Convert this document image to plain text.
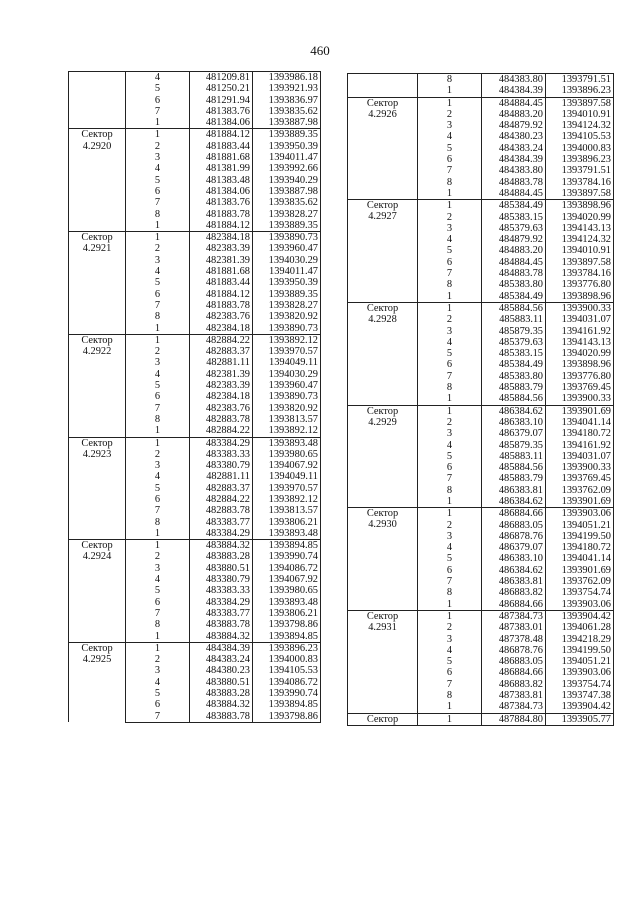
460
	4	481209.81	1393986.18
	5	481250.21	1393921.93
	6	481291.94	1393836.97
	7	481383.76	1393835.62
	1	481384.06	1393887.98

Сектор
4.2920	1	481884.12	1393889.35
	2	481883.44	1393950.39
	3	481881.68	1394011.47
	4	481381.99	1393992.66
	5	481383.48	1393940.29
	6	481384.06	1393887.98
	7	481383.76	1393835.62
	8	481883.78	1393828.27
	1	481884.12	1393889.35

Сектор
4.2921	1	482384.18	1393890.73
	2	482383.39	1393960.47
	3	482381.39	1394030.29
	4	481881.68	1394011.47
	5	481883.44	1393950.39
	6	481884.12	1393889.35
	7	481883.78	1393828.27
	8	482383.76	1393820.92
	1	482384.18	1393890.73

Сектор
4.2922	1	482884.22	1393892.12
	2	482883.37	1393970.57
	3	482881.11	1394049.11
	4	482381.39	1394030.29
	5	482383.39	1393960.47
	6	482384.18	1393890.73
	7	482383.76	1393820.92
	8	482883.78	1393813.57
	1	482884.22	1393892.12

Сектор
4.2923	1	483384.29	1393893.48
	2	483383.33	1393980.65
	3	483380.79	1394067.92
	4	482881.11	1394049.11
	5	482883.37	1393970.57
	6	482884.22	1393892.12
	7	482883.78	1393813.57
	8	483383.77	1393806.21
	1	483384.29	1393893.48

Сектор
4.2924	1	483884.32	1393894.85
	2	483883.28	1393990.74
	3	483880.51	1394086.72
	4	483380.79	1394067.92
	5	483383.33	1393980.65
	6	483384.29	1393893.48
	7	483383.77	1393806.21
	8	483883.78	1393798.86
	1	483884.32	1393894.85

Сектор
4.2925	1	484384.39	1393896.23
	2	484383.24	1394000.83
	3	484380.23	1394105.53
	4	483880.51	1394086.72
	5	483883.28	1393990.74
	6	483884.32	1393894.85
	7	483883.78	1393798.86
	8	484383.80	1393791.51
	1	484384.39	1393896.23

Сектор
4.2926	1	484884.45	1393897.58
	2	484883.20	1394010.91
	3	484879.92	1394124.32
	4	484380.23	1394105.53
	5	484383.24	1394000.83
	6	484384.39	1393896.23
	7	484383.80	1393791.51
	8	484883.78	1393784.16
	1	484884.45	1393897.58

Сектор
4.2927	1	485384.49	1393898.96
	2	485383.15	1394020.99
	3	485379.63	1394143.13
	4	484879.92	1394124.32
	5	484883.20	1394010.91
	6	484884.45	1393897.58
	7	484883.78	1393784.16
	8	485383.80	1393776.80
	1	485384.49	1393898.96

Сектор
4.2928	1	485884.56	1393900.33
	2	485883.11	1394031.07
	3	485879.35	1394161.92
	4	485379.63	1394143.13
	5	485383.15	1394020.99
	6	485384.49	1393898.96
	7	485383.80	1393776.80
	8	485883.79	1393769.45
	1	485884.56	1393900.33

Сектор
4.2929	1	486384.62	1393901.69
	2	486383.10	1394041.14
	3	486379.07	1394180.72
	4	485879.35	1394161.92
	5	485883.11	1394031.07
	6	485884.56	1393900.33
	7	485883.79	1393769.45
	8	486383.81	1393762.09
	1	486384.62	1393901.69

Сектор
4.2930	1	486884.66	1393903.06
	2	486883.05	1394051.21
	3	486878.76	1394199.50
	4	486379.07	1394180.72
	5	486383.10	1394041.14
	6	486384.62	1393901.69
	7	486383.81	1393762.09
	8	486883.82	1393754.74
	1	486884.66	1393903.06

Сектор
4.2931	1	487384.73	1393904.42
	2	487383.01	1394061.28
	3	487378.48	1394218.29
	4	486878.76	1394199.50
	5	486883.05	1394051.21
	6	486884.66	1393903.06
	7	486883.82	1393754.74
	8	487383.81	1393747.38
	1	487384.73	1393904.42
Сектор	1	487884.80	1393905.77
